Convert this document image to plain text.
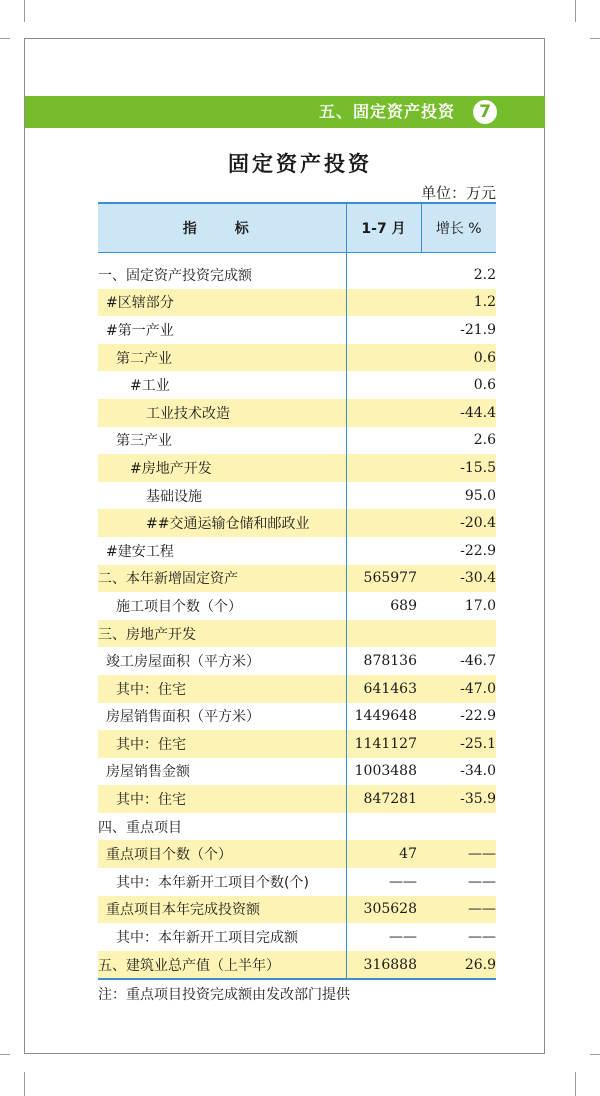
五、固定资产投资	7
固定资产投资
单位：万元
指　标	1-7 月	增长 %
一、固定资产投资完成额		2.2
#区辖部分		1.2
#第一产业		-21.9
第二产业		0.6
#工业		0.6
工业技术改造		-44.4
第三产业		2.6
#房地产开发		-15.5
基础设施		95.0
##交通运输仓储和邮政业		-20.4
#建安工程		-22.9
二、本年新增固定资产	565977	-30.4
施工项目个数（个）	689	17.0
三、房地产开发		
竣工房屋面积（平方米）	878136	-46.7
其中：住宅	641463	-47.0
房屋销售面积（平方米）	1449648	-22.9
其中：住宅	1141127	-25.1
房屋销售金额	1003488	-34.0
其中：住宅	847281	-35.9
四、重点项目		
重点项目个数（个）	47	——
其中：本年新开工项目个数(个)	——	——
重点项目本年完成投资额	305628	——
其中：本年新开工项目完成额	——	——
五、建筑业总产值（上半年）	316888	26.9
注：重点项目投资完成额由发改部门提供
